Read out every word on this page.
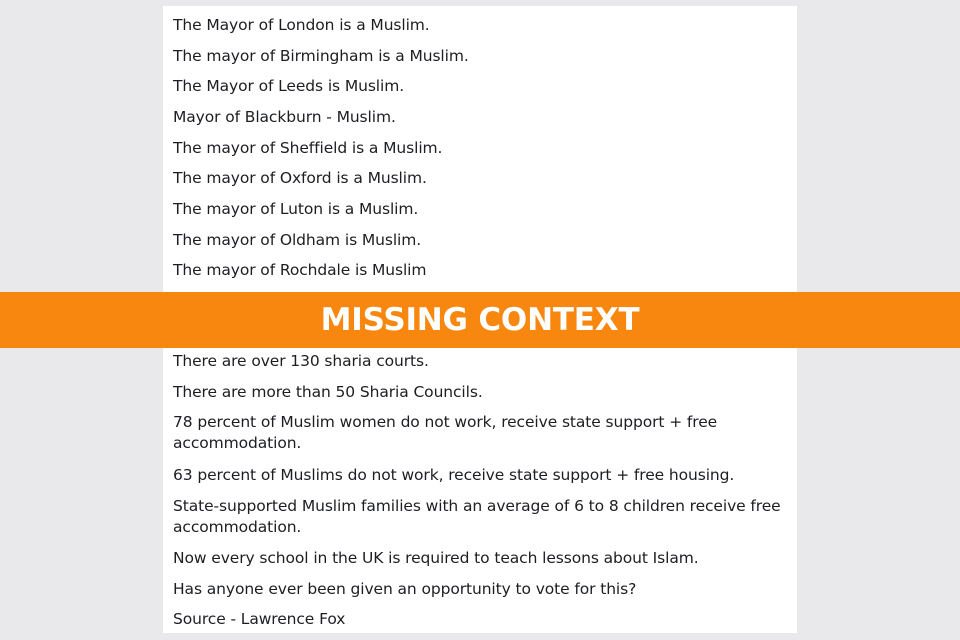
The Mayor of London is a Muslim.
The mayor of Birmingham is a Muslim.
The Mayor of Leeds is Muslim.
Mayor of Blackburn - Muslim.
The mayor of Sheffield is a Muslim.
The mayor of Oxford is a Muslim.
The mayor of Luton is a Muslim.
The mayor of Oldham is Muslim.
The mayor of Rochdale is Muslim
There are over 130 sharia courts.
There are more than 50 Sharia Councils.
78 percent of Muslim women do not work, receive state support + free accommodation.
63 percent of Muslims do not work, receive state support + free housing.
State-supported Muslim families with an average of 6 to 8 children receive free accommodation.
Now every school in the UK is required to teach lessons about Islam.
Has anyone ever been given an opportunity to vote for this?
Source - Lawrence Fox
MISSING CONTEXT
